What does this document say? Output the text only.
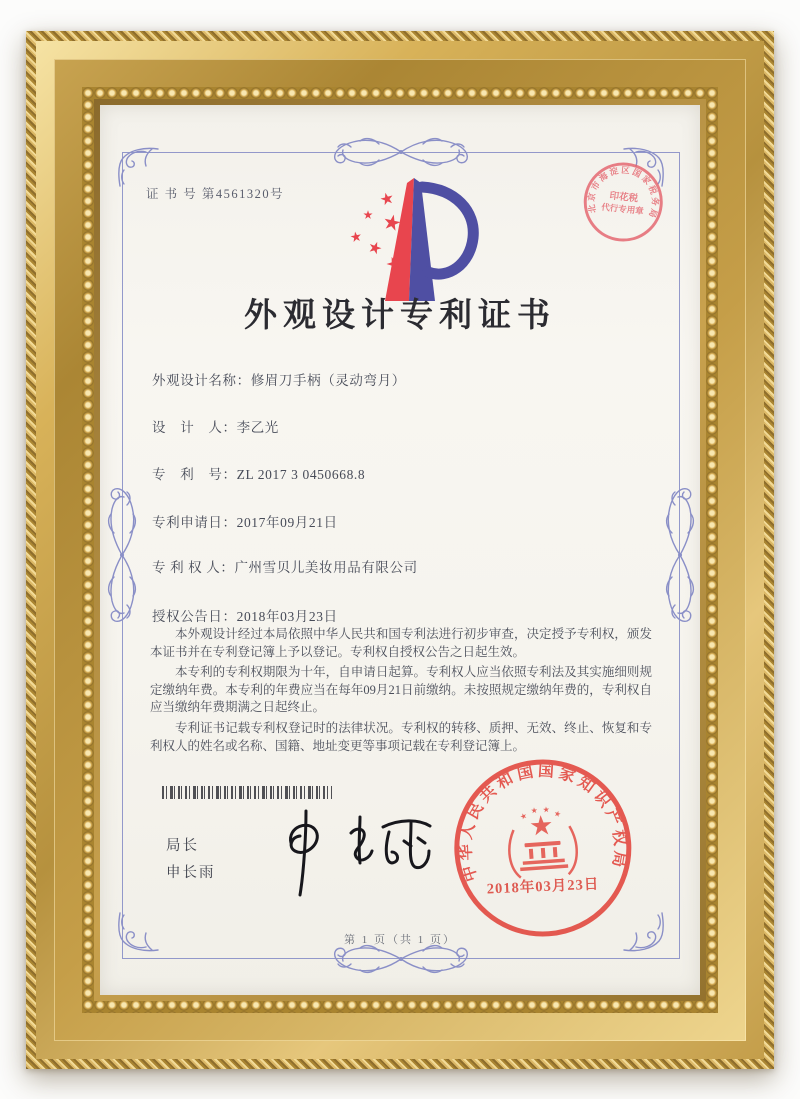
证 书 号 第4561320号
北京市海淀区国家税务局
印花税
代行专用章
外观设计专利证书
外观设计名称：修眉刀手柄（灵动弯月）
设　计　人：李乙光
专　利　号：ZL 2017 3 0450668.8
专利申请日：2017年09月21日
专 利 权 人：广州雪贝儿美妆用品有限公司
授权公告日：2018年03月23日

本外观设计经过本局依照中华人民共和国专利法进行初步审查，决定授予专利权，颁发本证书并在专利登记簿上予以登记。专利权自授权公告之日起生效。

本专利的专利权期限为十年，自申请日起算。专利权人应当依照专利法及其实施细则规定缴纳年费。本专利的年费应当在每年09月21日前缴纳。未按照规定缴纳年费的，专利权自应当缴纳年费期满之日起终止。

专利证书记载专利权登记时的法律状况。专利权的转移、质押、无效、终止、恢复和专利权人的姓名或名称、国籍、地址变更等事项记载在专利登记簿上。

局长
申长雨	中华人民共和国国家知识产权局
2018年03月23日
第 1 页（共 1 页）
